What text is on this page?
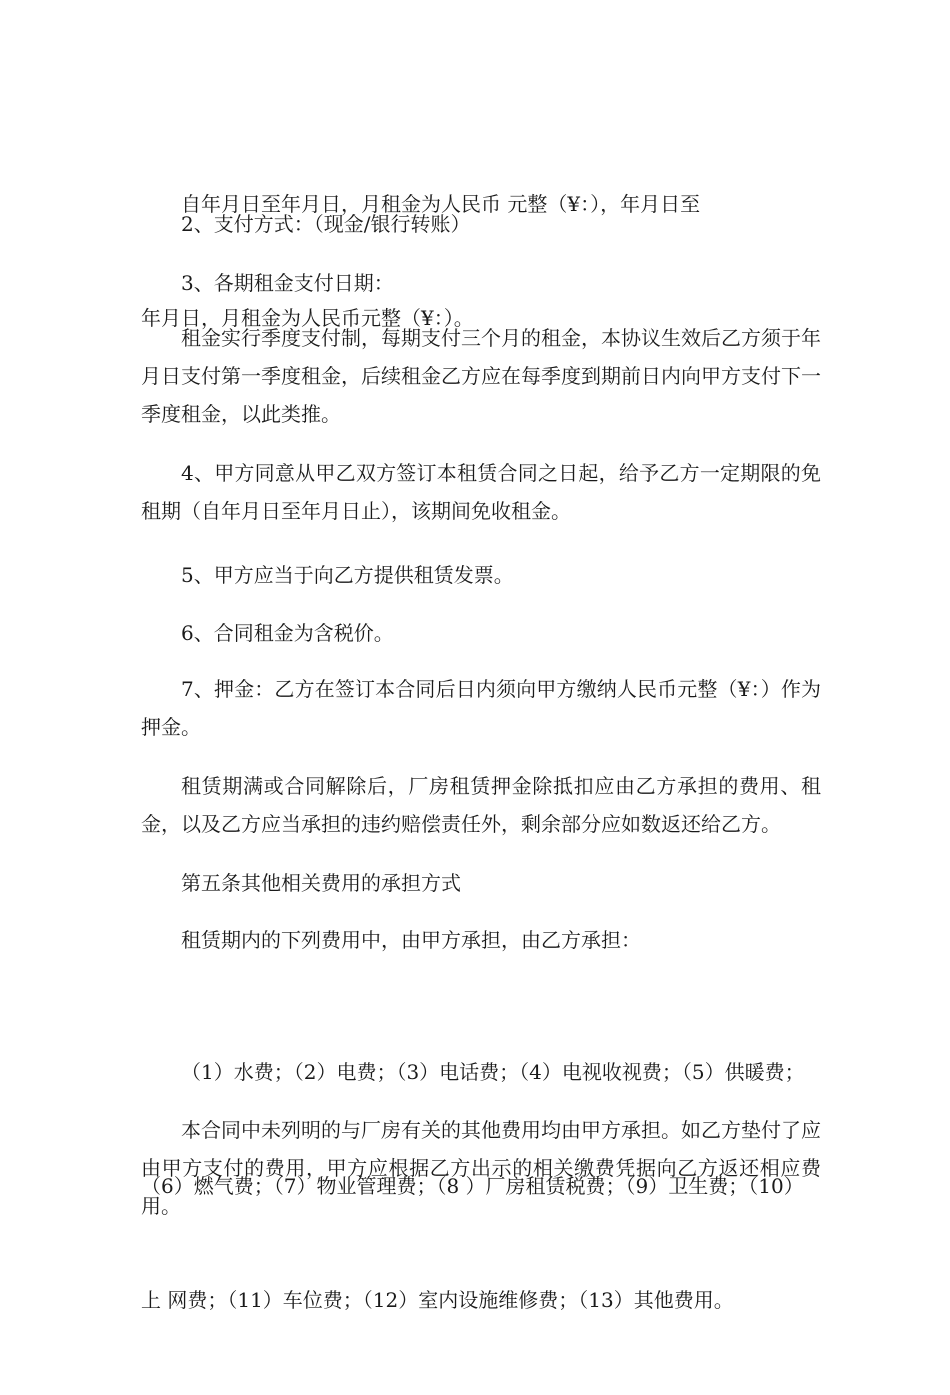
自年月日至年月日，月租金为人民币 元整（¥：），年月日至

年月日，月租金为人民币元整（¥：）。

2、支付方式：（现金/银行转账）

3、各期租金支付日期：

租金实行季度支付制，每期支付三个月的租金，本协议生效后乙方须于年月日支付第一季度租金，后续租金乙方应在每季度到期前日内向甲方支付下一季度租金，以此类推。

4、甲方同意从甲乙双方签订本租赁合同之日起，给予乙方一定期限的免租期（自年月日至年月日止），该期间免收租金。

5、甲方应当于向乙方提供租赁发票。

6、合同租金为含税价。

7、押金：乙方在签订本合同后日内须向甲方缴纳人民币元整（¥：）作为押金。

租赁期满或合同解除后，厂房租赁押金除抵扣应由乙方承担的费用、租金，以及乙方应当承担的违约赔偿责任外，剩余部分应如数返还给乙方。

第五条其他相关费用的承担方式

租赁期内的下列费用中，由甲方承担，由乙方承担：

（1）水费；（2）电费；（3）电话费；（4）电视收视费；（5）供暖费；

（6）燃气费；（7）物业管理费；（8 ）厂房租赁税费；（9）卫生费；（10）

上 网费；（11）车位费；（12）室内设施维修费；（13）其他费用。

本合同中未列明的与厂房有关的其他费用均由甲方承担。如乙方垫付了应由甲方支付的费用，甲方应根据乙方出示的相关缴费凭据向乙方返还相应费用。
